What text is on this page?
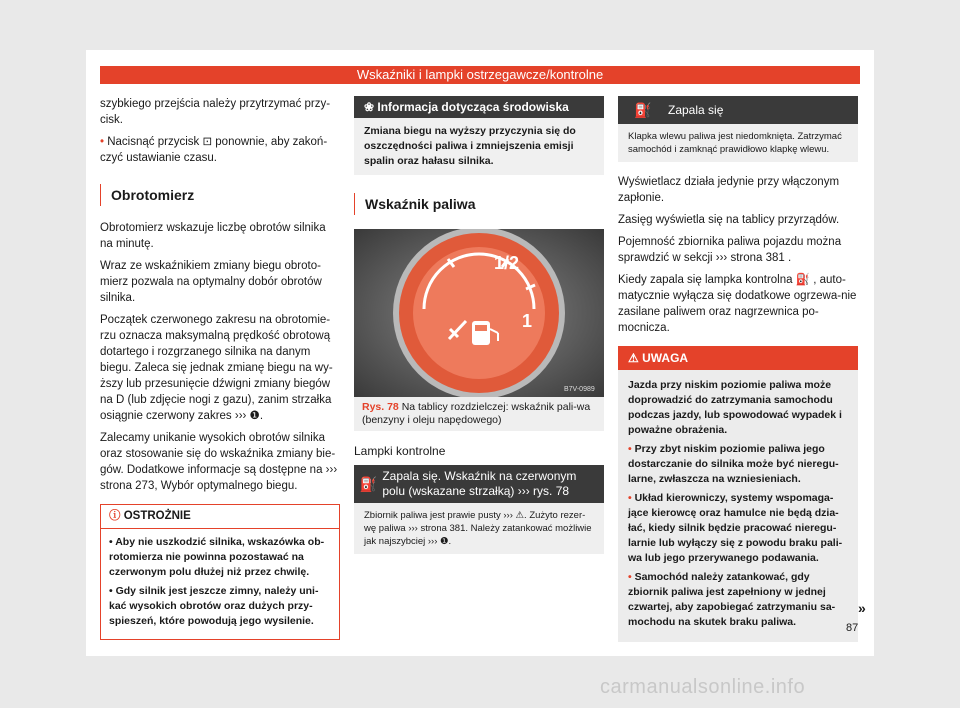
Wskaźniki i lampki ostrzegawcze/kontrolne

szybkiego przejścia należy przytrzymać przy-cisk.

• Nacisnąć przycisk ⊡ ponownie, aby zakoń-czyć ustawianie czasu.

Obrotomierz

Obrotomierz wskazuje liczbę obrotów silnika na minutę.

Wraz ze wskaźnikiem zmiany biegu obroto-mierz pozwala na optymalny dobór obrotów silnika.

Początek czerwonego zakresu na obrotomie-rzu oznacza maksymalną prędkość obrotową dotartego i rozgrzanego silnika na danym biegu. Zaleca się jednak zmianę biegu na wy-ższy lub przesunięcie dźwigni zmiany biegów na D (lub zdjęcie nogi z gazu), zanim strzałka osiągnie czerwony zakres ››› ❶.

Zalecamy unikanie wysokich obrotów silnika oraz stosowanie się do wskaźnika zmiany bie-gów. Dodatkowe informacje są dostępne na ››› strona 273, Wybór optymalnego biegu.

ⓘ OSTROŻNIE

• Aby nie uszkodzić silnika, wskazówka ob-rotomierza nie powinna pozostawać na czerwonym polu dłużej niż przez chwilę.

• Gdy silnik jest jeszcze zimny, należy uni-kać wysokich obrotów oraz dużych przy-spieszeń, które powodują jego wysilenie.

❀ Informacja dotycząca środowiska
Zmiana biegu na wyższy przyczynia się do oszczędności paliwa i zmniejszenia emisji spalin oraz hałasu silnika.
Wskaźnik paliwa
1/2
1
B7V-0989
Rys. 78 Na tablicy rozdzielczej: wskaźnik pali-wa (benzyny i oleju napędowego)
Lampki kontrolne
⛽ Zapala się. Wskaźnik na czerwonym polu (wskazane strzałką) ››› rys. 78
Zbiornik paliwa jest prawie pusty ››› ⚠. Zużyto rezer-wę paliwa ››› strona 381. Należy zatankować możliwie jak najszybciej ››› ❶.
⛽	Zapala się
Klapka wlewu paliwa jest niedomknięta. Zatrzymać samochód i zamknąć prawidłowo klapkę wlewu.

Wyświetlacz działa jedynie przy włączonym zapłonie.

Zasięg wyświetla się na tablicy przyrządów.

Pojemność zbiornika paliwa pojazdu można sprawdzić w sekcji ››› strona 381 .

Kiedy zapala się lampka kontrolna ⛽ , auto-matycznie wyłącza się dodatkowe ogrzewa-nie zasilane paliwem oraz nagrzewnica po-mocnicza.

⚠ UWAGA

Jazda przy niskim poziomie paliwa może doprowadzić do zatrzymania samochodu podczas jazdy, lub spowodować wypadek i poważne obrażenia.

• Przy zbyt niskim poziomie paliwa jego dostarczanie do silnika może być nieregu-larne, zwłaszcza na wzniesieniach.

• Układ kierowniczy, systemy wspomaga-jące kierowcę oraz hamulce nie będą dzia-łać, kiedy silnik będzie pracować nieregu-larnie lub wyłączy się z powodu braku pali-wa lub jego przerywanego podawania.

• Samochód należy zatankować, gdy zbiornik paliwa jest zapełniony w jednej czwartej, aby zapobiegać zatrzymaniu sa-mochodu na skutek braku paliwa.

»
87
carmanualsonline.info
